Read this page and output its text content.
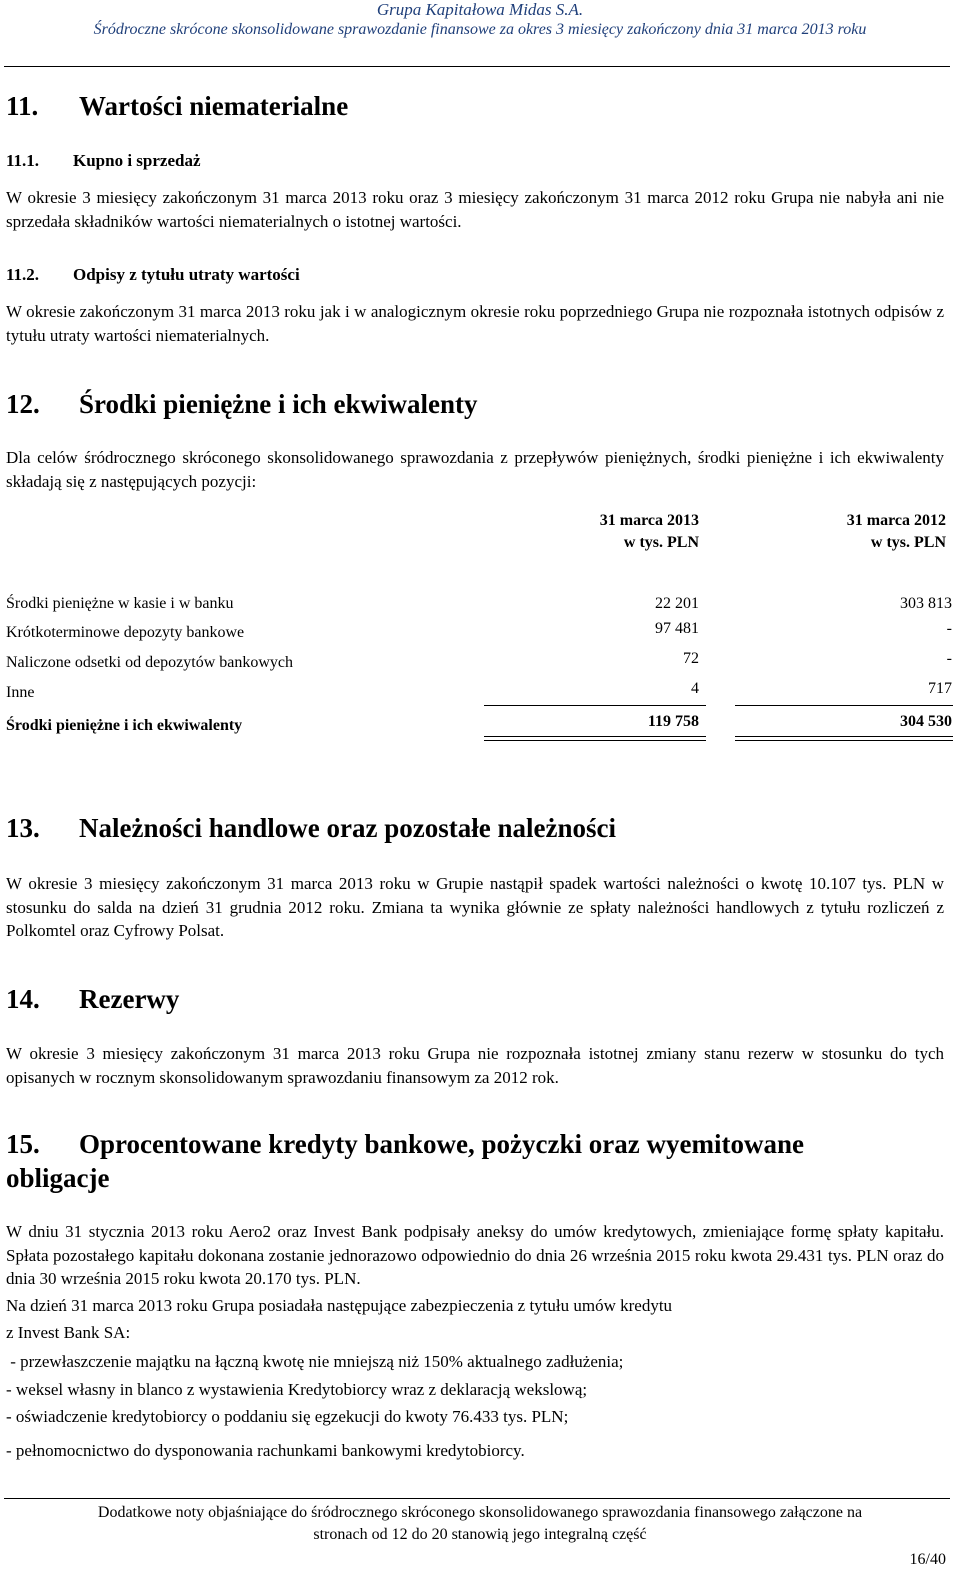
Grupa Kapitałowa Midas S.A.
Śródroczne skrócone skonsolidowane sprawozdanie finansowe za okres 3 miesięcy zakończony dnia 31 marca 2013 roku
11. Wartości niematerialne
11.1. Kupno i sprzedaż
W okresie 3 miesięcy zakończonym 31 marca 2013 roku oraz 3 miesięcy zakończonym 31 marca 2012 roku Grupa nie nabyła ani nie sprzedała składników wartości niematerialnych o istotnej wartości.
11.2. Odpisy z tytułu utraty wartości
W okresie zakończonym 31 marca 2013 roku jak i w analogicznym okresie roku poprzedniego Grupa nie rozpoznała istotnych odpisów z tytułu utraty wartości niematerialnych.
12. Środki pieniężne i ich ekwiwalenty
Dla celów śródrocznego skróconego skonsolidowanego sprawozdania z przepływów pieniężnych, środki pieniężne i ich ekwiwalenty składają się z następujących pozycji:
31 marca 2013
w tys. PLN
31 marca 2012
w tys. PLN
Środki pieniężne w kasie i w banku	22 201	303 813
Krótkoterminowe depozyty bankowe	97 481	-
Naliczone odsetki od depozytów bankowych	72	-
Inne	4	717
Środki pieniężne i ich ekwiwalenty	119 758	304 530
13. Należności handlowe oraz pozostałe należności
W okresie 3 miesięcy zakończonym 31 marca 2013 roku w Grupie nastąpił spadek wartości należności o kwotę 10.107 tys. PLN w stosunku do salda na dzień 31 grudnia 2012 roku. Zmiana ta wynika głównie ze spłaty należności handlowych z tytułu rozliczeń z Polkomtel oraz Cyfrowy Polsat.
14. Rezerwy
W okresie 3 miesięcy zakończonym 31 marca 2013 roku Grupa nie rozpoznała istotnej zmiany stanu rezerw w stosunku do tych opisanych w rocznym skonsolidowanym sprawozdaniu finansowym za 2012 rok.
15. Oprocentowane kredyty bankowe, pożyczki oraz wyemitowane
obligacje
W dniu 31 stycznia 2013 roku Aero2 oraz Invest Bank podpisały aneksy do umów kredytowych, zmieniające formę spłaty kapitału. Spłata pozostałego kapitału dokonana zostanie jednorazowo odpowiednio do dnia 26 września 2015 roku kwota 29.431 tys. PLN oraz do dnia 30 września 2015 roku kwota 20.170 tys. PLN.
Na dzień 31 marca 2013 roku Grupa posiadała następujące zabezpieczenia z tytułu umów kredytu
z Invest Bank SA:
- przewłaszczenie majątku na łączną kwotę nie mniejszą niż 150% aktualnego zadłużenia;
- weksel własny in blanco z wystawienia Kredytobiorcy wraz z deklaracją wekslową;
- oświadczenie kredytobiorcy o poddaniu się egzekucji do kwoty 76.433 tys. PLN;
- pełnomocnictwo do dysponowania rachunkami bankowymi kredytobiorcy.
Dodatkowe noty objaśniające do śródrocznego skróconego skonsolidowanego sprawozdania finansowego załączone na
stronach od 12 do 20 stanowią jego integralną część
16/40
